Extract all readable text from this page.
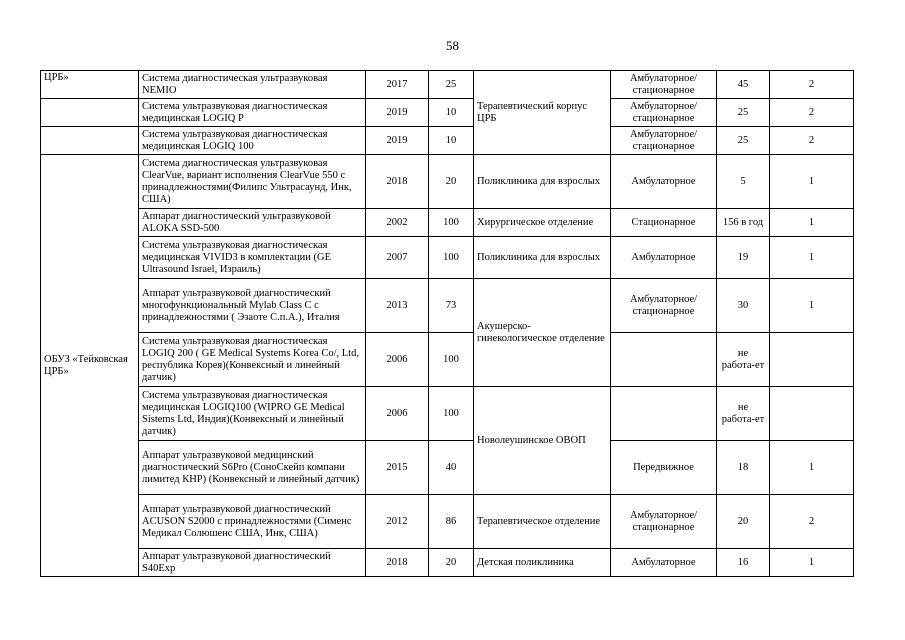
58
ЦРБ»	Система диагностическая ультразвуковая NEMIO	2017	25	Терапевтический корпус ЦРБ	Амбулаторное/ стационарное	45	2
	Система ультразвуковая диагностическая медицинская LOGIQ P	2019	10		Амбулаторное/ стационарное	25	2
	Система ультразвуковая диагностическая медицинская LOGIQ 100	2019	10		Амбулаторное/ стационарное	25	2
ОБУЗ «Тейковская ЦРБ»	Система диагностическая ультразвуковая ClearVue, вариант исполнения ClearVue 550 с принадлежностями(Филипс Ультрасаунд, Инк, США)	2018	20	Поликлиника для взрослых	Амбулаторное	5	1
	Аппарат диагностический ультразвуковой ALOKA SSD-500	2002	100	Хирургическое отделение	Стационарное	156 в год	1
	Система ультразвуковая диагностическая медицинская VIVID3 в комплектации (GE Ultrasound Israel, Израиль)	2007	100	Поликлиника для взрослых	Амбулаторное	19	1
	Аппарат ультразвуковой диагностический многофункциональный Mylab Class C с принадлежностями ( Эзаоте С.п.А.), Италия	2013	73	Акушерско-гинекологическое отделение	Амбулаторное/ стационарное	30	1
	Система ультразвуковая диагностическая LOGIQ 200 ( GE Medical Systems Korea Co/, Ltd, республика Корея)(Конвексный и линейный датчик)	2006	100			не работа-ет	
	Система ультразвуковая диагностическая медицинская LOGIQ100 (WIPRO GE Medical Sistems Ltd, Индия)(Конвексный и линейный датчик)	2006	100	Новолеушинское ОВОП		не работа-ет	
	Аппарат ультразвуковой медицинский диагностический S6Pro (СоноСкейп компани лимитед КНР) (Конвексный и линейный датчик)	2015	40		Передвижное	18	1
	Аппарат ультразвуковой диагностический ACUSON S2000 с принадлежностями (Сименс Медикал Солюшенс США, Инк, США)	2012	86	Терапевтическое отделение	Амбулаторное/ стационарное	20	2
	Аппарат ультразвуковой диагностический S40Exp	2018	20	Детская поликлиника	Амбулаторное	16	1
